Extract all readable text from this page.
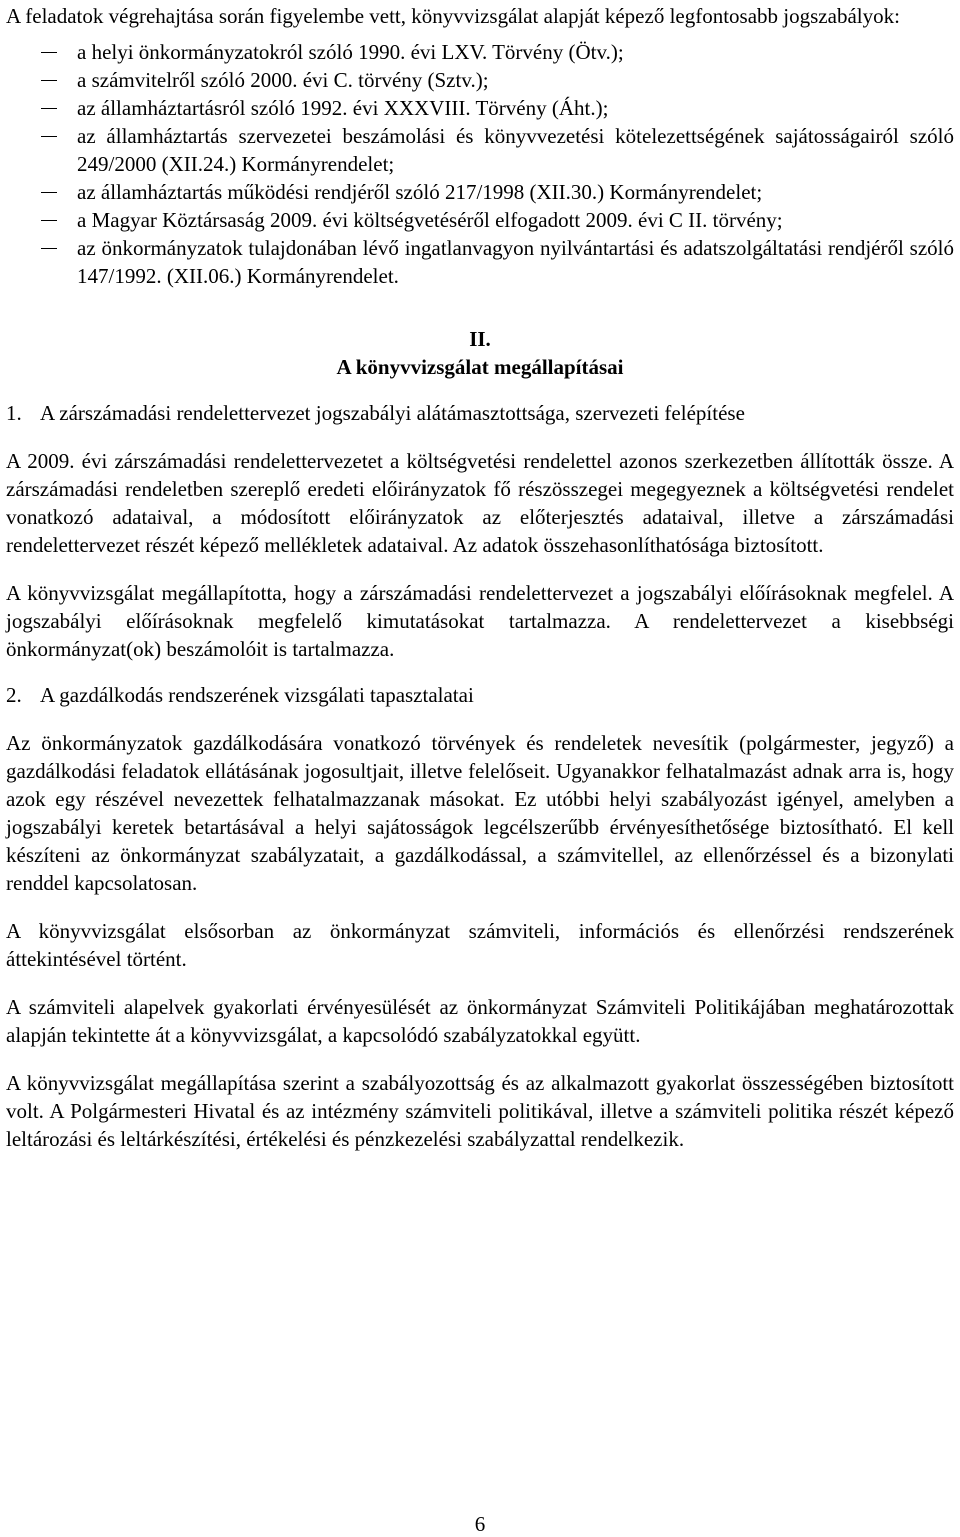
A feladatok végrehajtása során figyelembe vett, könyvvizsgálat alapját képező legfontosabb jogszabályok:

a helyi önkormányzatokról szóló 1990. évi LXV. Törvény (Ötv.);
a számvitelről szóló 2000. évi C. törvény (Sztv.);
az államháztartásról szóló 1992. évi XXXVIII. Törvény (Áht.);
az államháztartás szervezetei beszámolási és könyvvezetési kötelezettségének sajátosságairól szóló 249/2000 (XII.24.) Kormányrendelet;
az államháztartás működési rendjéről szóló 217/1998 (XII.30.) Kormányrendelet;
a Magyar Köztársaság 2009. évi költségvetéséről elfogadott 2009. évi C II. törvény;
az önkormányzatok tulajdonában lévő ingatlanvagyon nyilvántartási és adatszolgáltatási rendjéről szóló 147/1992. (XII.06.) Kormányrendelet.

II.

A könyvvizsgálat megállapításai

1. A zárszámadási rendelettervezet jogszabályi alátámasztottsága, szervezeti felépítése

A 2009. évi zárszámadási rendelettervezetet a költségvetési rendelettel azonos szerkezetben állították össze. A zárszámadási rendeletben szereplő eredeti előirányzatok fő részösszegei megegyeznek a költségvetési rendelet vonatkozó adataival, a módosított előirányzatok az előterjesztés adataival, illetve a zárszámadási rendelettervezet részét képező mellékletek adataival. Az adatok összehasonlíthatósága biztosított.

A könyvvizsgálat megállapította, hogy a zárszámadási rendelettervezet a jogszabályi előírásoknak megfelel. A jogszabályi előírásoknak megfelelő kimutatásokat tartalmazza. A rendelettervezet a kisebbségi önkormányzat(ok) beszámolóit is tartalmazza.

2. A gazdálkodás rendszerének vizsgálati tapasztalatai

Az önkormányzatok gazdálkodására vonatkozó törvények és rendeletek nevesítik (polgármester, jegyző) a gazdálkodási feladatok ellátásának jogosultjait, illetve felelőseit. Ugyanakkor felhatalmazást adnak arra is, hogy azok egy részével nevezettek felhatalmazzanak másokat. Ez utóbbi helyi szabályozást igényel, amelyben a jogszabályi keretek betartásával a helyi sajátosságok legcélszerűbb érvényesíthetősége biztosítható. El kell készíteni az önkormányzat szabályzatait, a gazdálkodással, a számvitellel, az ellenőrzéssel és a bizonylati renddel kapcsolatosan.

A könyvvizsgálat elsősorban az önkormányzat számviteli, információs és ellenőrzési rendszerének áttekintésével történt.

A számviteli alapelvek gyakorlati érvényesülését az önkormányzat Számviteli Politikájában meghatározottak alapján tekintette át a könyvvizsgálat, a kapcsolódó szabályzatokkal együtt.

A könyvvizsgálat megállapítása szerint a szabályozottság és az alkalmazott gyakorlat összességében biztosított volt. A Polgármesteri Hivatal és az intézmény számviteli politikával, illetve a számviteli politika részét képező leltározási és leltárkészítési, értékelési és pénzkezelési szabályzattal rendelkezik.

6
